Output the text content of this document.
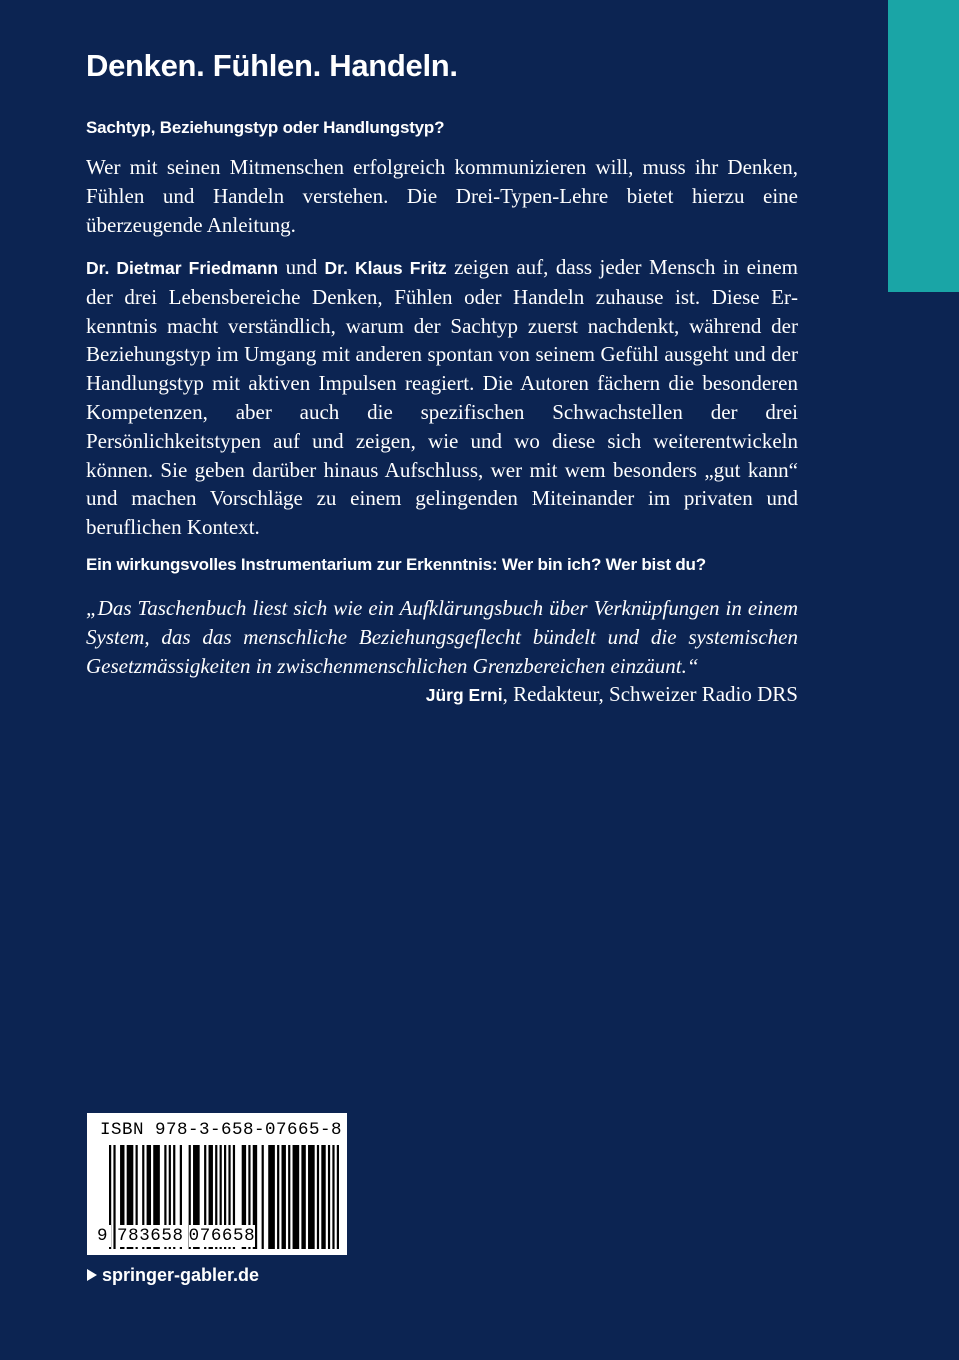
Denken. Fühlen. Handeln.

Sachtyp, Beziehungstyp oder Handlungstyp?

Wer mit seinen Mitmenschen erfolgreich kommunizieren will, muss ihr Denken, Fühlen und Handeln verstehen. Die Drei-Typen-Lehre bietet hierzu eine überzeugende Anleitung.

Dr. Dietmar Friedmann und Dr. Klaus Fritz zeigen auf, dass jeder Mensch in einem der drei Lebensbereiche Denken, Fühlen oder Handeln zuhause ist. Diese Erkenntnis macht verständlich, warum der Sachtyp zuerst nachdenkt, während der Beziehungstyp im Umgang mit anderen spontan von seinem Gefühl ausgeht und der Handlungstyp mit aktiven Impulsen reagiert. Die Autoren fächern die besonderen Kompetenzen, aber auch die spezifischen Schwachstellen der drei Persönlichkeitstypen auf und zeigen, wie und wo diese sich weiterentwickeln können. Sie geben darüber hinaus Aufschluss, wer mit wem besonders „gut kann“ und machen Vorschläge zu einem gelingenden Miteinander im privaten und beruflichen Kontext.

Ein wirkungsvolles Instrumentarium zur Erkenntnis: Wer bin ich? Wer bist du?

„Das Taschenbuch liest sich wie ein Aufklärungsbuch über Verknüpfungen in einem System, das das menschliche Beziehungsgeflecht bündelt und die systemischen Gesetzmässigkeiten in zwischenmenschlichen Grenzbereichen einzäunt.“

Jürg Erni, Redakteur, Schweizer Radio DRS

ISBN 978-3-658-07665-8
9 783658 076658
springer-gabler.de
